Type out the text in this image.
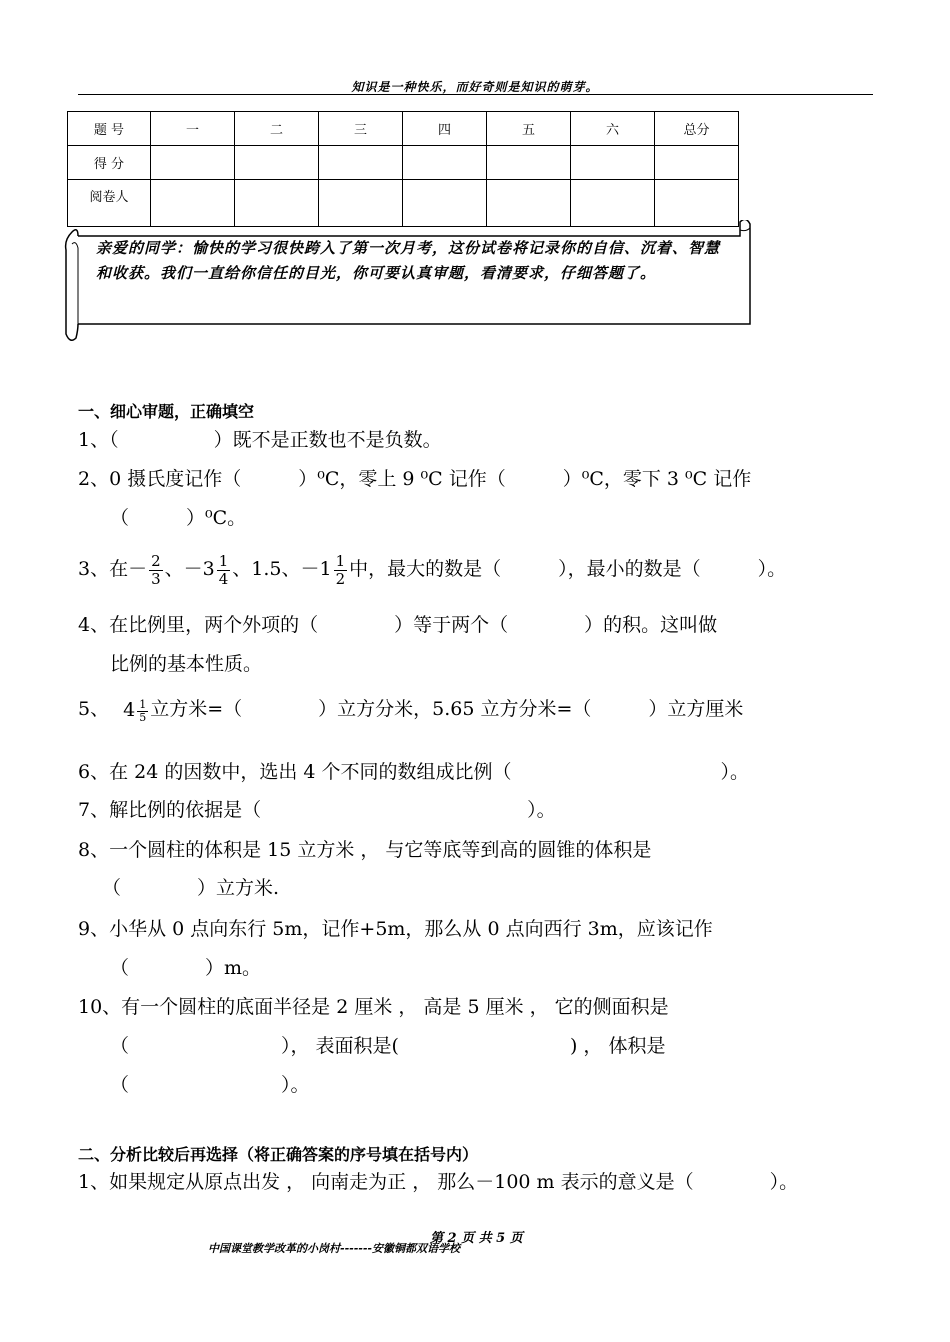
知识是一种快乐，而好奇则是知识的萌芽。
题 号	一	二	三	四	五	六	总分
得 分							
阅卷人							
亲爱的同学：愉快的学习很快跨入了第一次月考，这份试卷将记录你的自信、沉着、智慧和收获。我们一直给你信任的目光，你可要认真审题，看清要求，仔细答题了。
一、细心审题，正确填空
1、（　　　　　）既不是正数也不是负数。
2、0 摄氏度记作（　　　）⁰C，零上 9 ⁰C 记作（　　　）⁰C，零下 3 ⁰C 记作
（　　　）⁰C。
3、在－ $\frac{2}{3}$ 、$-3 \frac{1}{4}$ 、1.5、$-1 \frac{1}{2}$ 中，最大的数是（　　　），最小的数是（　　　）。
4、在比例里，两个外项的（　　　　）等于两个（　　　　）的积。这叫做
比例的基本性质。
5、 $4 \frac{1}{5}$ 立方米=（　　　　）立方分米，5.65 立方分米=（　　　）立方厘米
6、在 24 的因数中，选出 4 个不同的数组成比例（　　　　　　　　　　　）。
7、解比例的依据是（　　　　　　　　　　　　　　）。
8、一个圆柱的体积是 15 立方米 ， 与它等底等到高的圆锥的体积是
（　　　　）立方米.
9、小华从 0 点向东行 5m，记作+5m，那么从 0 点向西行 3m，应该记作
（　　　　）m。
10、有一个圆柱的底面半径是 2 厘米 ， 高是 5 厘米 ， 它的侧面积是
（　　　　　　　　）， 表面积是(　　　　　　　　　) ， 体积是
（　　　　　　　　）。
二、分析比较后再选择（将正确答案的序号填在括号内）
1、如果规定从原点出发 ， 向南走为正 ， 那么－100 m 表示的意义是（　　　　）。
第 2 页 共 5 页
中国课堂教学改革的小岗村-------安徽铜都双语学校
